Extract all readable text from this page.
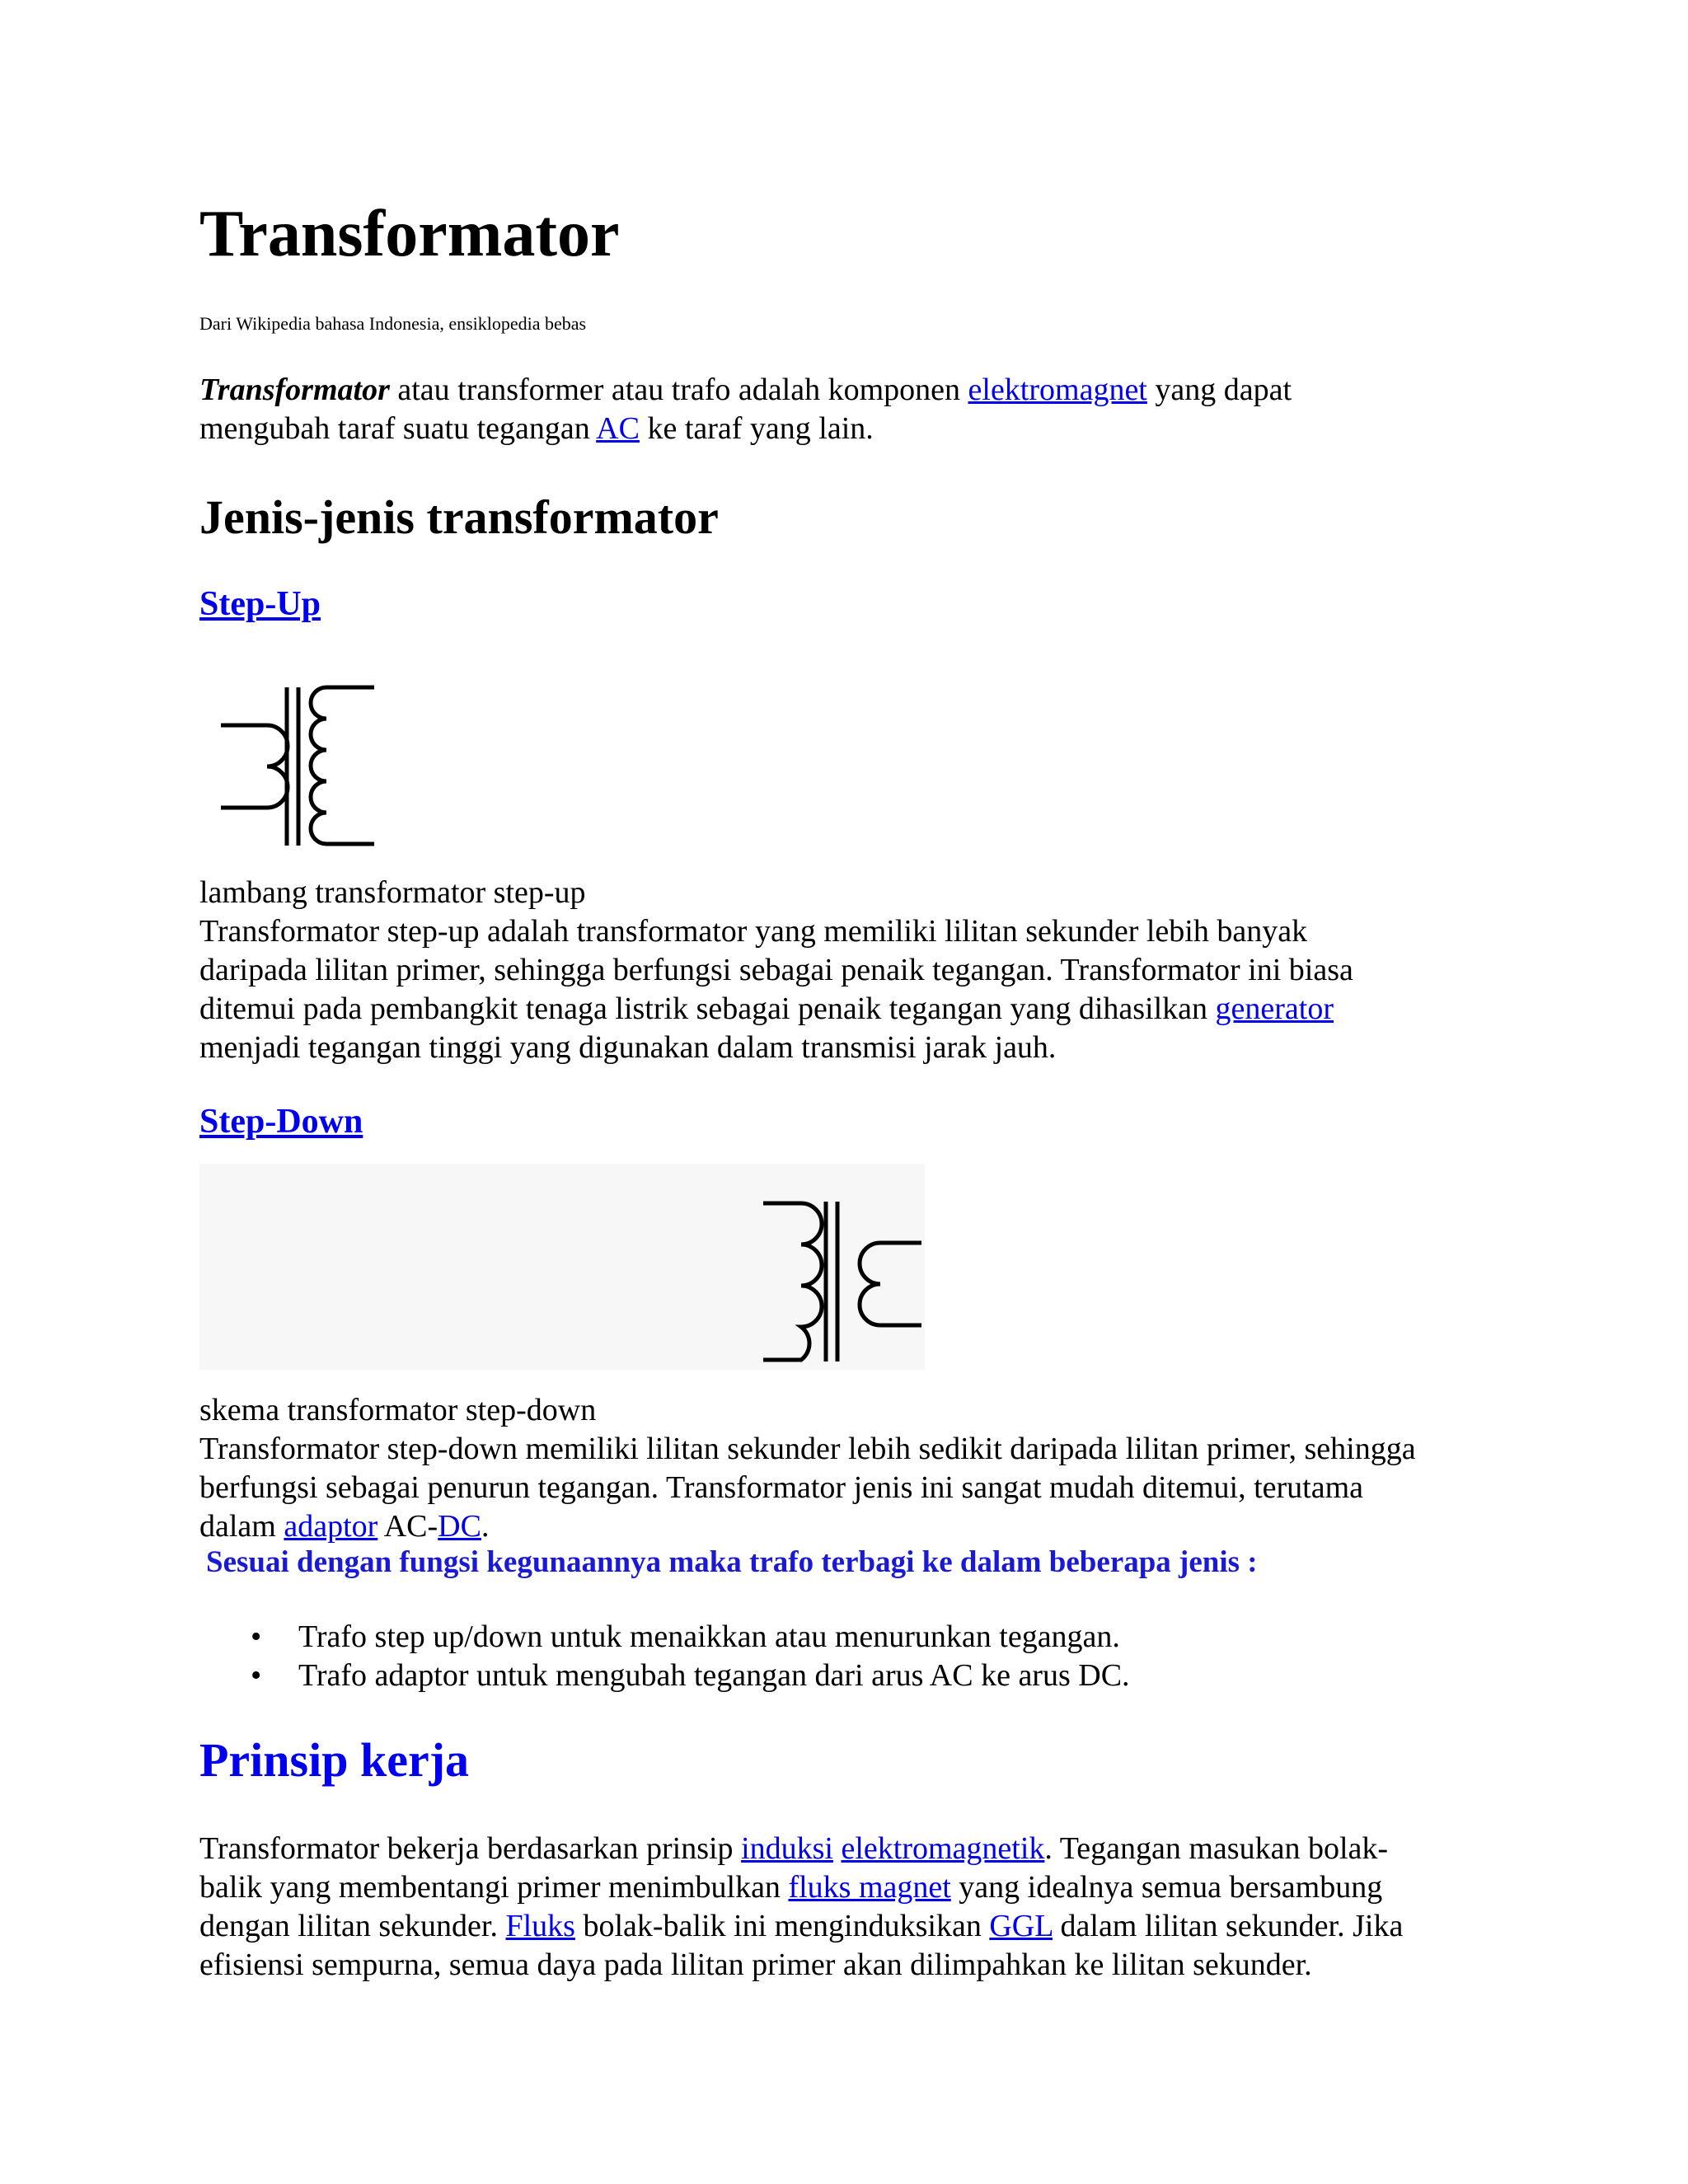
Transformator
Dari Wikipedia bahasa Indonesia, ensiklopedia bebas
Transformator atau transformer atau trafo adalah komponen elektromagnet yang dapat
mengubah taraf suatu tegangan AC ke taraf yang lain.
Jenis-jenis transformator
Step-Up
lambang transformator step-up
Transformator step-up adalah transformator yang memiliki lilitan sekunder lebih banyak
daripada lilitan primer, sehingga berfungsi sebagai penaik tegangan. Transformator ini biasa
ditemui pada pembangkit tenaga listrik sebagai penaik tegangan yang dihasilkan generator
menjadi tegangan tinggi yang digunakan dalam transmisi jarak jauh.
Step-Down
skema transformator step-down
Transformator step-down memiliki lilitan sekunder lebih sedikit daripada lilitan primer, sehingga
berfungsi sebagai penurun tegangan. Transformator jenis ini sangat mudah ditemui, terutama
dalam adaptor AC-DC.
Sesuai dengan fungsi kegunaannya maka trafo terbagi ke dalam beberapa jenis :
• Trafo step up/down untuk menaikkan atau menurunkan tegangan.
• Trafo adaptor untuk mengubah tegangan dari arus AC ke arus DC.
Prinsip kerja
Transformator bekerja berdasarkan prinsip induksi elektromagnetik. Tegangan masukan bolak-
balik yang membentangi primer menimbulkan fluks magnet yang idealnya semua bersambung
dengan lilitan sekunder. Fluks bolak-balik ini menginduksikan GGL dalam lilitan sekunder. Jika
efisiensi sempurna, semua daya pada lilitan primer akan dilimpahkan ke lilitan sekunder.
